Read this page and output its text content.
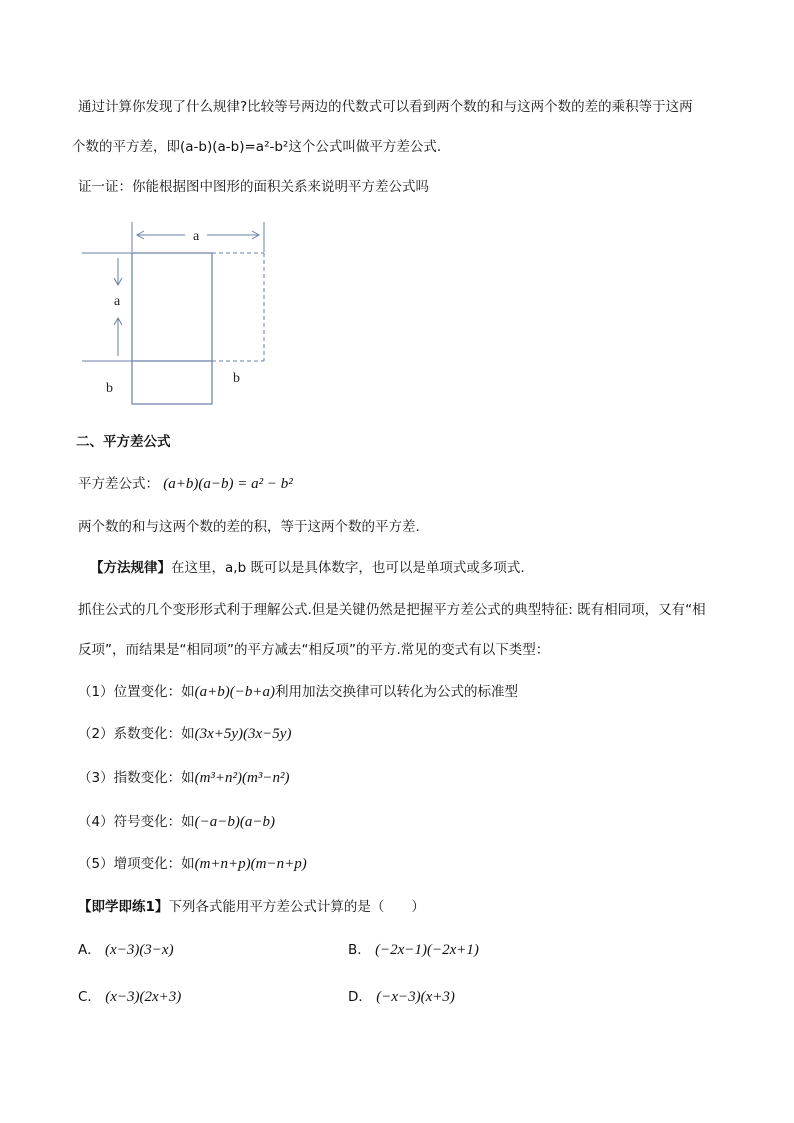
通过计算你发现了什么规律?比较等号两边的代数式可以看到两个数的和与这两个数的差的乘积等于这两
个数的平方差，即(a-b)(a-b)=a²-b²这个公式叫做平方差公式.
证一证：你能根据图中图形的面积关系来说明平方差公式吗
a
a
b
b
二、平方差公式
平方差公式： (a+b)(a−b) = a² − b²
两个数的和与这两个数的差的积，等于这两个数的平方差.
【方法规律】在这里，a,b 既可以是具体数字，也可以是单项式或多项式.
抓住公式的几个变形形式利于理解公式.但是关键仍然是把握平方差公式的典型特征: 既有相同项，又有“相
反项”，而结果是“相同项”的平方减去“相反项”的平方.常见的变式有以下类型：
（1）位置变化：如(a+b)(−b+a)利用加法交换律可以转化为公式的标准型
（2）系数变化：如(3x+5y)(3x−5y)
（3）指数变化：如(m³+n²)(m³−n²)
（4）符号变化：如(−a−b)(a−b)
（5）增项变化：如(m+n+p)(m−n+p)
【即学即练1】下列各式能用平方差公式计算的是（　　）
A． (x−3)(3−x)	B． (−2x−1)(−2x+1)
C． (x−3)(2x+3)	D． (−x−3)(x+3)
